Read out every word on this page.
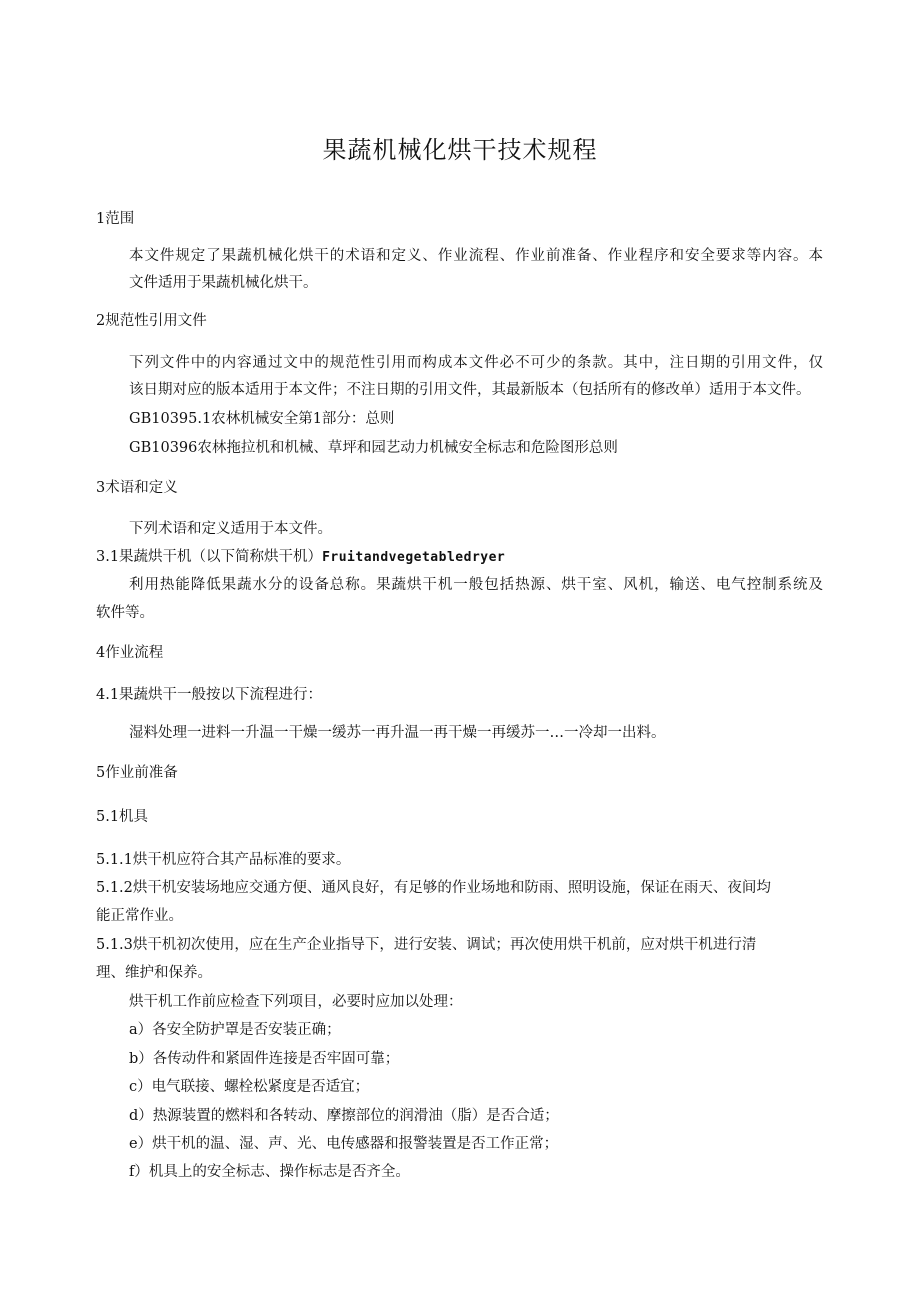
果蔬机械化烘干技术规程
1范围
本文件规定了果蔬机械化烘干的术语和定义、作业流程、作业前准备、作业程序和安全要求等内容。本
文件适用于果蔬机械化烘干。
2规范性引用文件
下列文件中的内容通过文中的规范性引用而构成本文件必不可少的条款。其中，注日期的引用文件，仅
该日期对应的版本适用于本文件；不注日期的引用文件，其最新版本（包括所有的修改单）适用于本文件。
GB10395.1农林机械安全第1部分：总则
GB10396农林拖拉机和机械、草坪和园艺动力机械安全标志和危险图形总则
3术语和定义
下列术语和定义适用于本文件。
3.1果蔬烘干机（以下简称烘干机）Fruitandvegetabledryer
利用热能降低果蔬水分的设备总称。果蔬烘干机一般包括热源、烘干室、风机，输送、电气控制系统及
软件等。
4作业流程
4.1果蔬烘干一般按以下流程进行：
湿料处理一进料一升温一干燥一缓苏一再升温一再干燥一再缓苏一…一冷却一出料。
5作业前准备
5.1机具
5.1.1烘干机应符合其产品标准的要求。
5.1.2烘干机安装场地应交通方便、通风良好，有足够的作业场地和防雨、照明设施，保证在雨天、夜间均
能正常作业。
5.1.3烘干机初次使用，应在生产企业指导下，进行安装、调试；再次使用烘干机前，应对烘干机进行清
理、维护和保养。
烘干机工作前应检查下列项目，必要时应加以处理：
a）各安全防护罩是否安装正确；
b）各传动件和紧固件连接是否牢固可靠；
c）电气联接、螺栓松紧度是否适宜；
d）热源装置的燃料和各转动、摩擦部位的润滑油（脂）是否合适；
e）烘干机的温、湿、声、光、电传感器和报警装置是否工作正常；
f）机具上的安全标志、操作标志是否齐全。
